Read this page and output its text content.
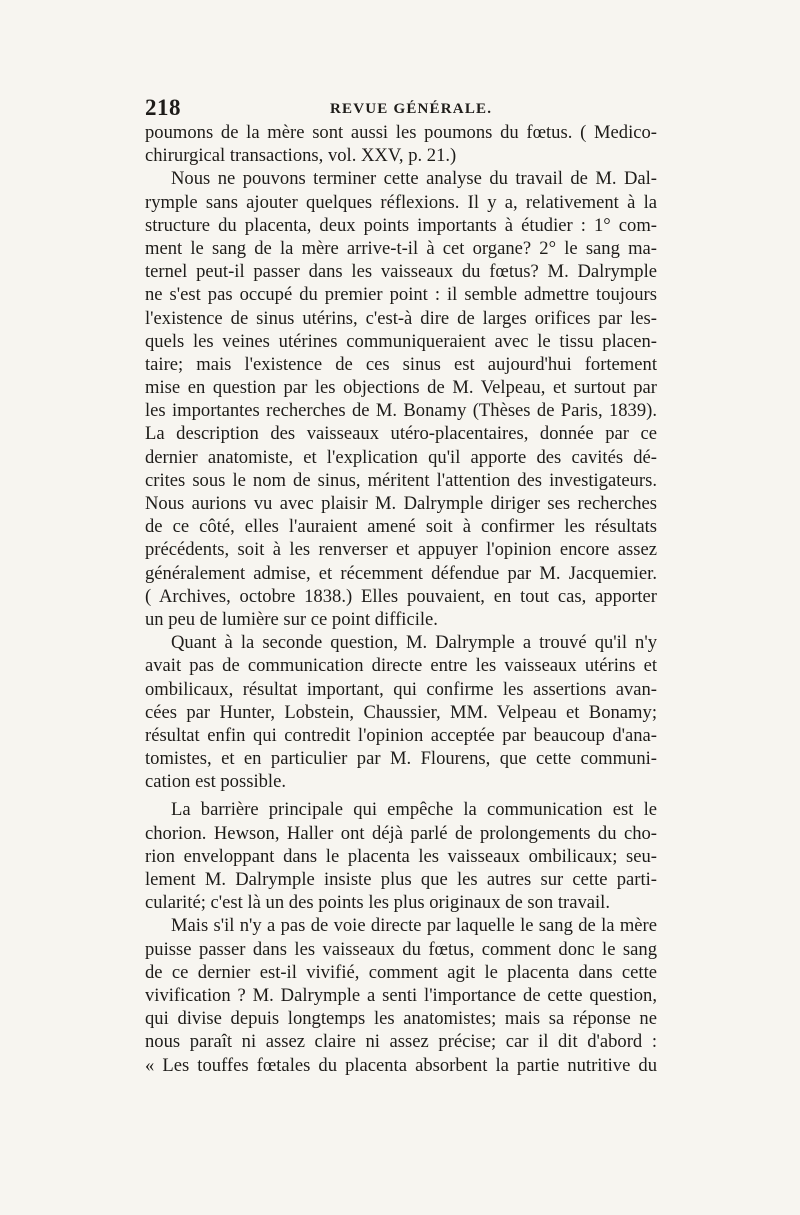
218	REVUE GÉNÉRALE.
poumons de la mère sont aussi les poumons du fœtus. ( Medico-
chirurgical transactions, vol. XXV, p. 21.)
Nous ne pouvons terminer cette analyse du travail de M. Dal-
rymple sans ajouter quelques réflexions. Il y a, relativement à la
structure du placenta, deux points importants à étudier : 1° com-
ment le sang de la mère arrive-t-il à cet organe? 2° le sang ma-
ternel peut-il passer dans les vaisseaux du fœtus? M. Dalrymple
ne s'est pas occupé du premier point : il semble admettre toujours
l'existence de sinus utérins, c'est-à dire de larges orifices par les-
quels les veines utérines communiqueraient avec le tissu placen-
taire; mais l'existence de ces sinus est aujourd'hui fortement
mise en question par les objections de M. Velpeau, et surtout par
les importantes recherches de M. Bonamy (Thèses de Paris, 1839).
La description des vaisseaux utéro-placentaires, donnée par ce
dernier anatomiste, et l'explication qu'il apporte des cavités dé-
crites sous le nom de sinus, méritent l'attention des investigateurs.
Nous aurions vu avec plaisir M. Dalrymple diriger ses recherches
de ce côté, elles l'auraient amené soit à confirmer les résultats
précédents, soit à les renverser et appuyer l'opinion encore assez
généralement admise, et récemment défendue par M. Jacquemier.
( Archives, octobre 1838.) Elles pouvaient, en tout cas, apporter
un peu de lumière sur ce point difficile.
Quant à la seconde question, M. Dalrymple a trouvé qu'il n'y
avait pas de communication directe entre les vaisseaux utérins et
ombilicaux, résultat important, qui confirme les assertions avan-
cées par Hunter, Lobstein, Chaussier, MM. Velpeau et Bonamy;
résultat enfin qui contredit l'opinion acceptée par beaucoup d'ana-
tomistes, et en particulier par M. Flourens, que cette communi-
cation est possible.
La barrière principale qui empêche la communication est le
chorion. Hewson, Haller ont déjà parlé de prolongements du cho-
rion enveloppant dans le placenta les vaisseaux ombilicaux; seu-
lement M. Dalrymple insiste plus que les autres sur cette parti-
cularité; c'est là un des points les plus originaux de son travail.
Mais s'il n'y a pas de voie directe par laquelle le sang de la mère
puisse passer dans les vaisseaux du fœtus, comment donc le sang
de ce dernier est-il vivifié, comment agit le placenta dans cette
vivification ? M. Dalrymple a senti l'importance de cette question,
qui divise depuis longtemps les anatomistes; mais sa réponse ne
nous paraît ni assez claire ni assez précise; car il dit d'abord :
« Les touffes fœtales du placenta absorbent la partie nutritive du
